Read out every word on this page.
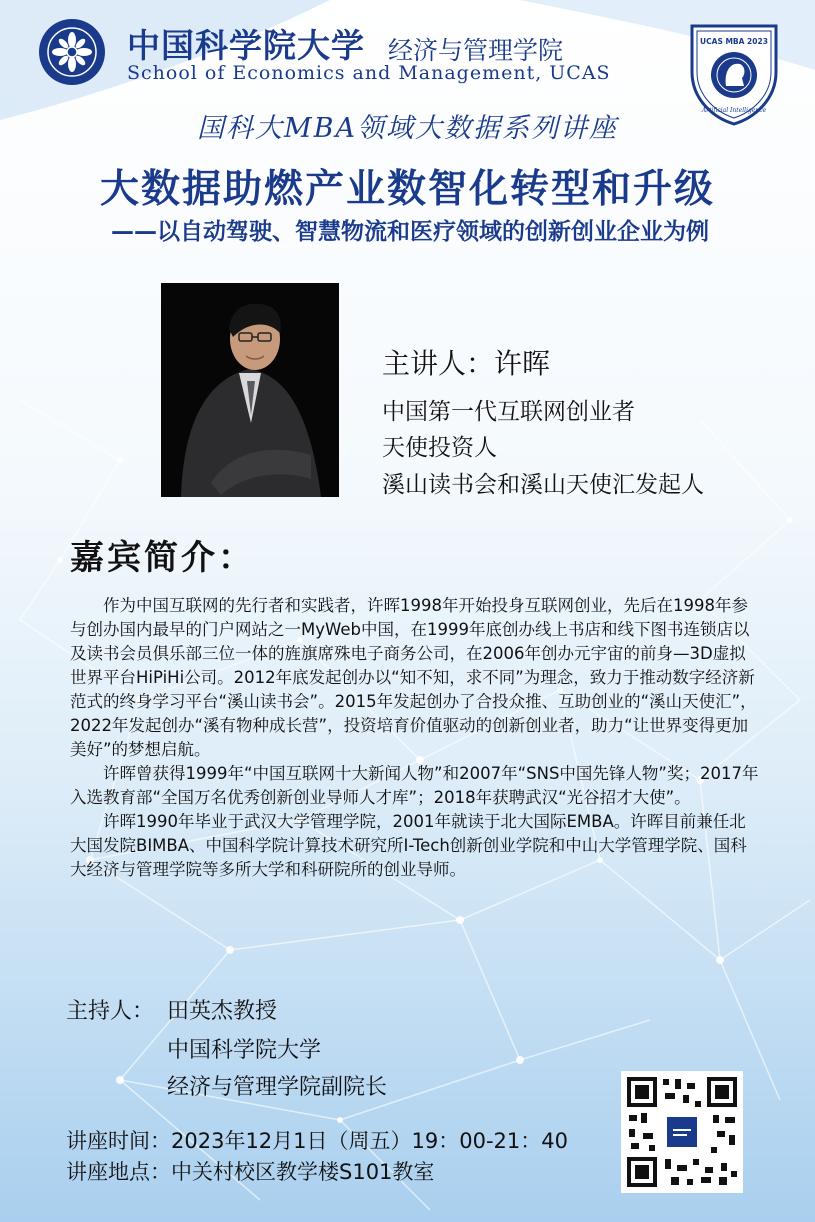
中国科学院大学 经济与管理学院
School of Economics and Management, UCAS
UCAS MBA 2023
Artificial Intelligence
国科大MBA领域大数据系列讲座
大数据助燃产业数智化转型和升级
——以自动驾驶、智慧物流和医疗领域的创新创业企业为例
主讲人：许晖
中国第一代互联网创业者
天使投资人
溪山读书会和溪山天使汇发起人
嘉宾简介：

作为中国互联网的先行者和实践者，许晖1998年开始投身互联网创业，先后在1998年参与创办国内最早的门户网站之一MyWeb中国，在1999年底创办线上书店和线下图书连锁店以及读书会员俱乐部三位一体的旌旗席殊电子商务公司，在2006年创办元宇宙的前身—3D虚拟世界平台HiPiHi公司。2012年底发起创办以“知不知，求不同”为理念，致力于推动数字经济新范式的终身学习平台“溪山读书会”。2015年发起创办了合投众推、互助创业的“溪山天使汇”，2022年发起创办“溪有物种成长营”，投资培育价值驱动的创新创业者，助力“让世界变得更加美好”的梦想启航。

许晖曾获得1999年“中国互联网十大新闻人物”和2007年“SNS中国先锋人物”奖；2017年入选教育部“全国万名优秀创新创业导师人才库”；2018年获聘武汉“光谷招才大使”。

许晖1990年毕业于武汉大学管理学院，2001年就读于北大国际EMBA。许晖目前兼任北大国发院BIMBA、中国科学院计算技术研究所I-Tech创新创业学院和中山大学管理学院、国科大经济与管理学院等多所大学和科研院所的创业导师。

主持人： 田英杰教授
中国科学院大学
经济与管理学院副院长
讲座时间：2023年12月1日（周五）19：00-21：40
讲座地点：中关村校区教学楼S101教室
